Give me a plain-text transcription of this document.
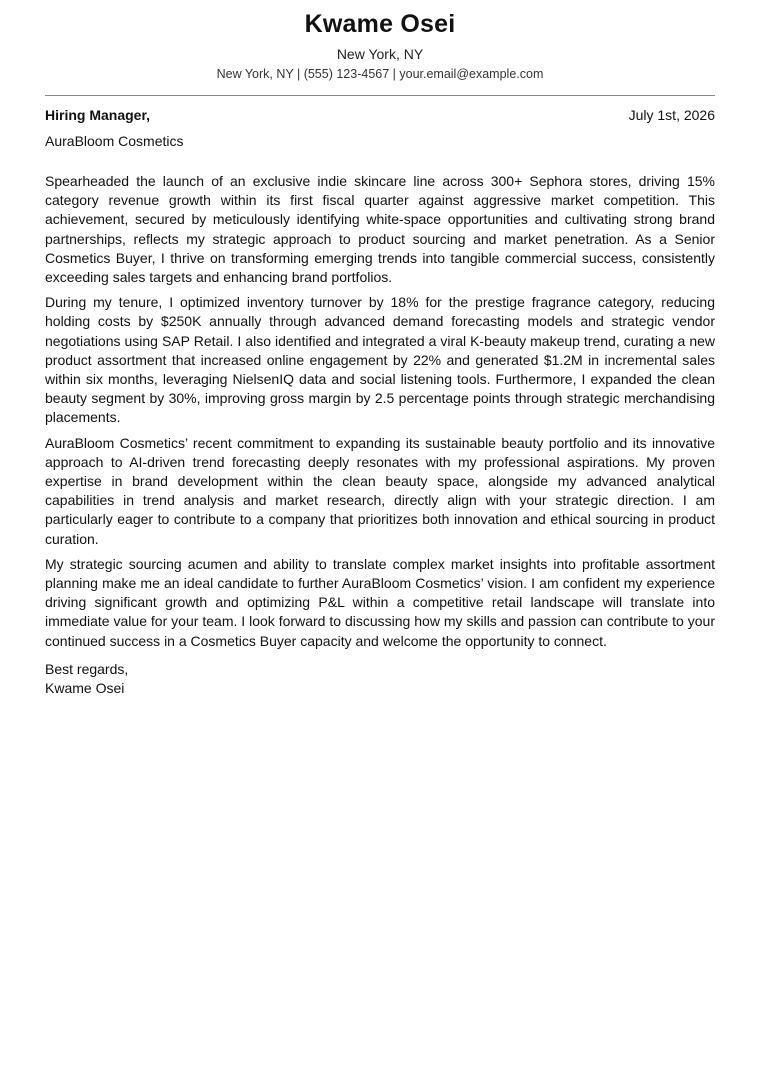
Kwame Osei
New York, NY
New York, NY | (555) 123-4567 | your.email@example.com
Hiring Manager,	July 1st, 2026
AuraBloom Cosmetics

Spearheaded the launch of an exclusive indie skincare line across 300+ Sephora stores, driving 15% category revenue growth within its first fiscal quarter against aggressive market competition. This achievement, secured by meticulously identifying white-space opportunities and cultivating strong brand partnerships, reflects my strategic approach to product sourcing and market penetration. As a Senior Cosmetics Buyer, I thrive on transforming emerging trends into tangible commercial success, consistently exceeding sales targets and enhancing brand portfolios.

During my tenure, I optimized inventory turnover by 18% for the prestige fragrance category, reducing holding costs by $250K annually through advanced demand forecasting models and strategic vendor negotiations using SAP Retail. I also identified and integrated a viral K-beauty makeup trend, curating a new product assortment that increased online engagement by 22% and generated $1.2M in incremental sales within six months, leveraging NielsenIQ data and social listening tools. Furthermore, I expanded the clean beauty segment by 30%, improving gross margin by 2.5 percentage points through strategic merchandising placements.

AuraBloom Cosmetics’ recent commitment to expanding its sustainable beauty portfolio and its innovative approach to AI-driven trend forecasting deeply resonates with my professional aspirations. My proven expertise in brand development within the clean beauty space, alongside my advanced analytical capabilities in trend analysis and market research, directly align with your strategic direction. I am particularly eager to contribute to a company that prioritizes both innovation and ethical sourcing in product curation.

My strategic sourcing acumen and ability to translate complex market insights into profitable assortment planning make me an ideal candidate to further AuraBloom Cosmetics’ vision. I am confident my experience driving significant growth and optimizing P&L within a competitive retail landscape will translate into immediate value for your team. I look forward to discussing how my skills and passion can contribute to your continued success in a Cosmetics Buyer capacity and welcome the opportunity to connect.

Best regards,
Kwame Osei
